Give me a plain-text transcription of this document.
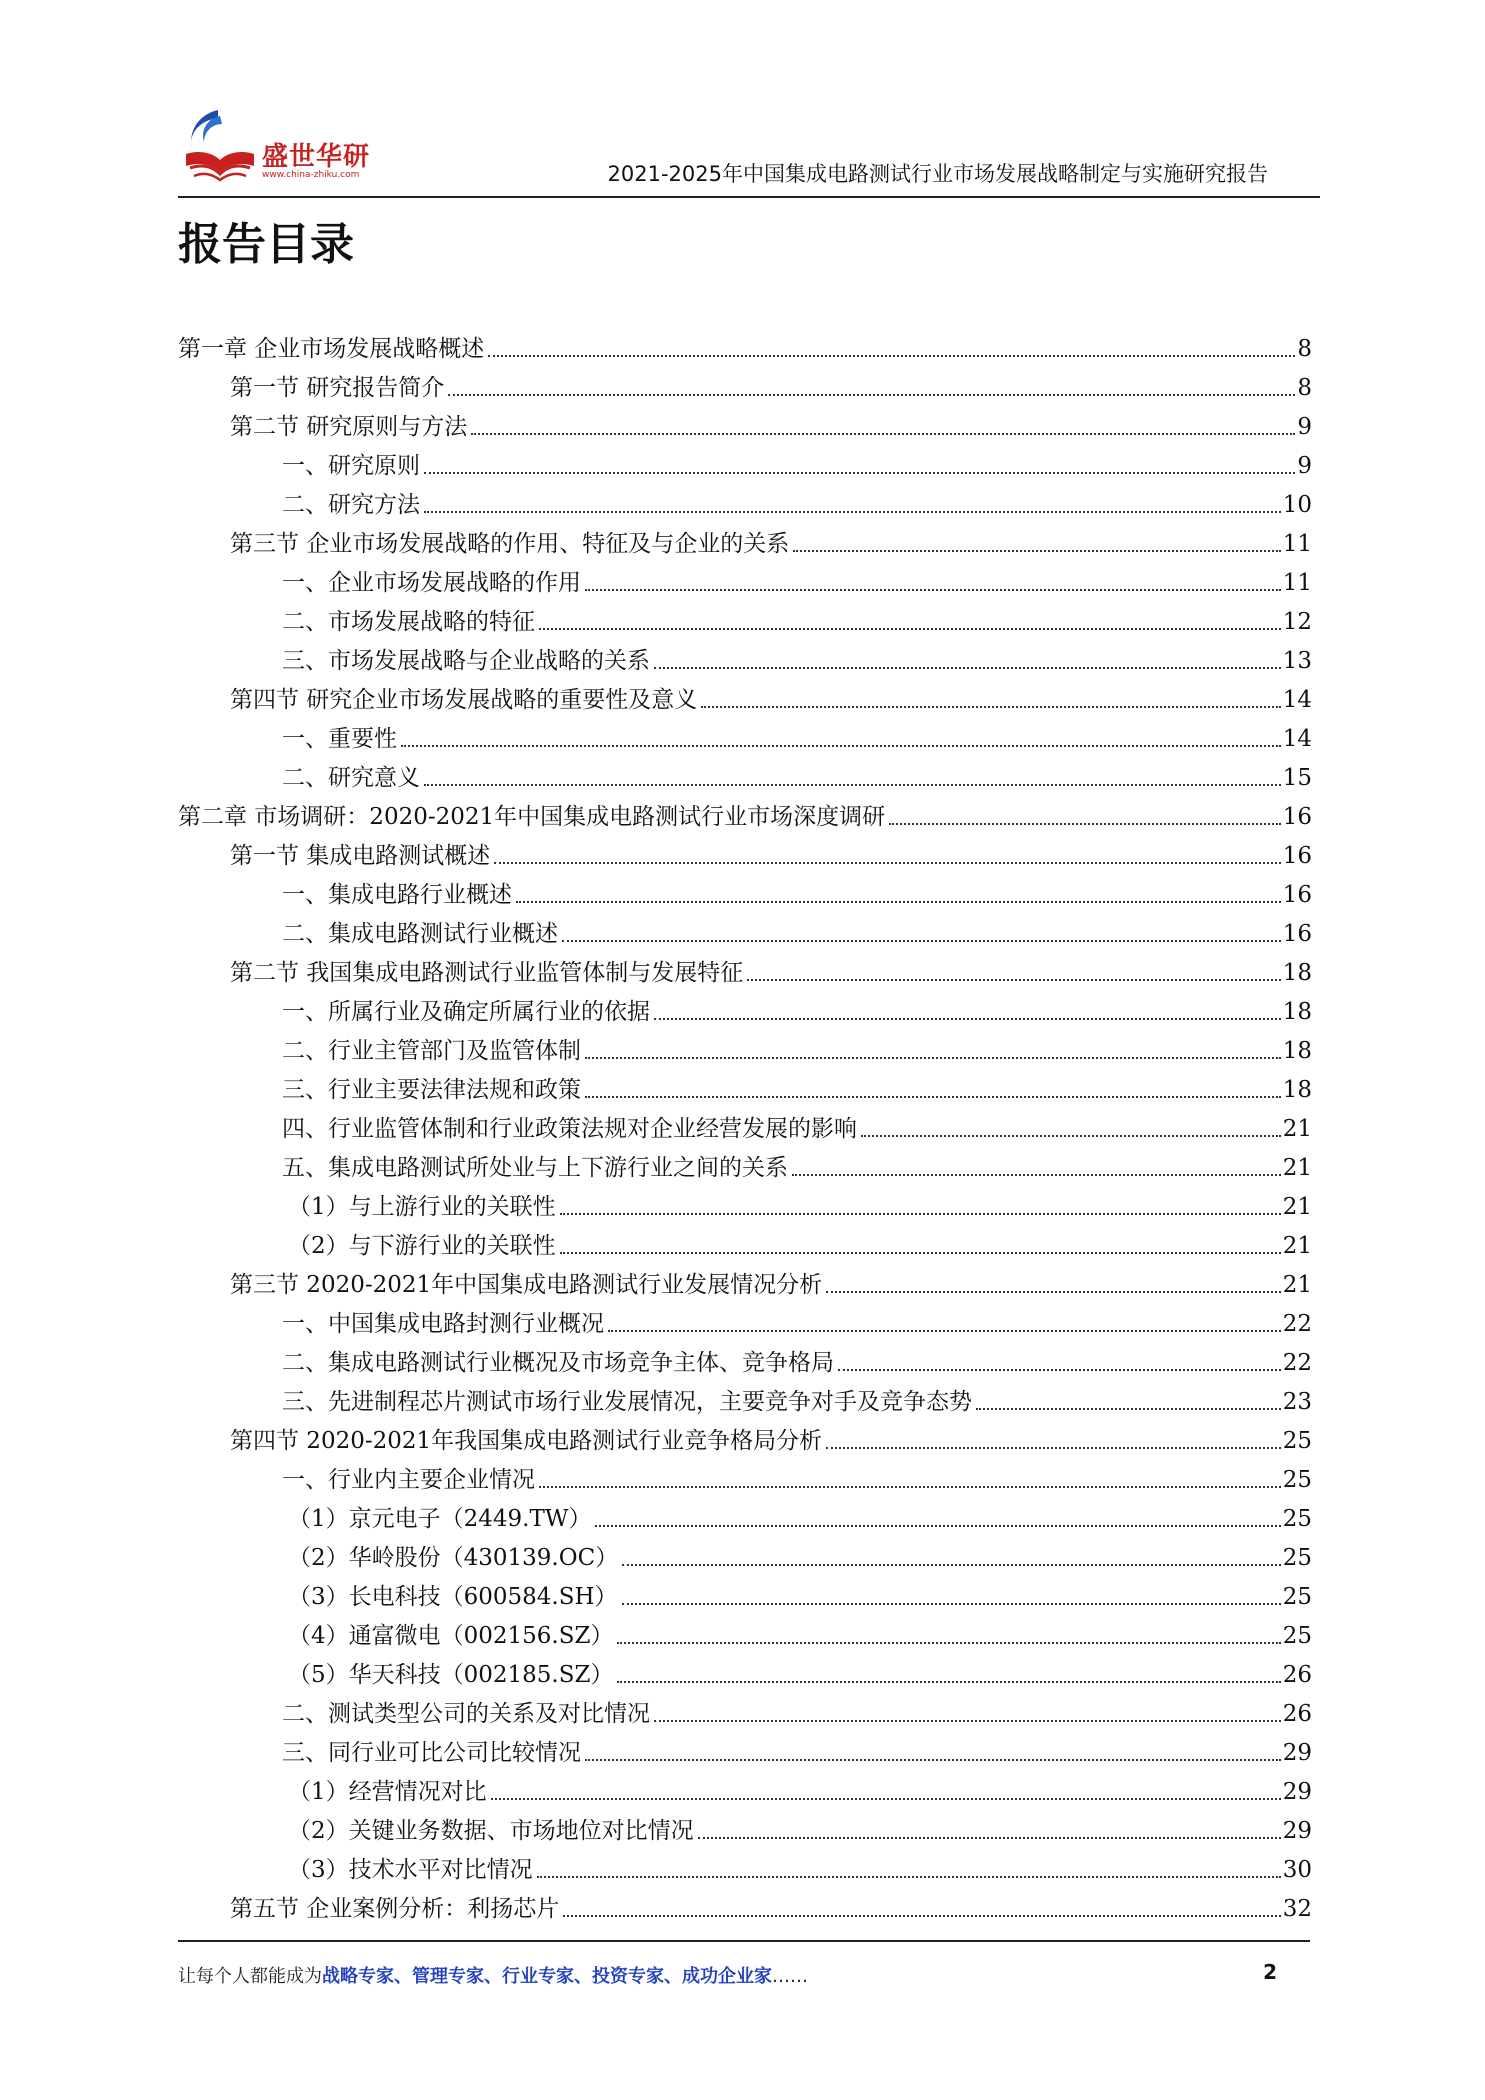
盛世华研
www.china-zhiku.com	2021-2025年中国集成电路测试行业市场发展战略制定与实施研究报告
报告目录
第一章 企业市场发展战略概述	8
第一节 研究报告简介	8
第二节 研究原则与方法	9
一、研究原则	9
二、研究方法	10
第三节 企业市场发展战略的作用、特征及与企业的关系	11
一、企业市场发展战略的作用	11
二、市场发展战略的特征	12
三、市场发展战略与企业战略的关系	13
第四节 研究企业市场发展战略的重要性及意义	14
一、重要性	14
二、研究意义	15
第二章 市场调研：2020-2021年中国集成电路测试行业市场深度调研	16
第一节 集成电路测试概述	16
一、集成电路行业概述	16
二、集成电路测试行业概述	16
第二节 我国集成电路测试行业监管体制与发展特征	18
一、所属行业及确定所属行业的依据	18
二、行业主管部门及监管体制	18
三、行业主要法律法规和政策	18
四、行业监管体制和行业政策法规对企业经营发展的影响	21
五、集成电路测试所处业与上下游行业之间的关系	21
（1）与上游行业的关联性	21
（2）与下游行业的关联性	21
第三节 2020-2021年中国集成电路测试行业发展情况分析	21
一、中国集成电路封测行业概况	22
二、集成电路测试行业概况及市场竞争主体、竞争格局	22
三、先进制程芯片测试市场行业发展情况，主要竞争对手及竞争态势	23
第四节 2020-2021年我国集成电路测试行业竞争格局分析	25
一、行业内主要企业情况	25
（1）京元电子（2449.TW）	25
（2）华岭股份（430139.OC）	25
（3）长电科技（600584.SH）	25
（4）通富微电（002156.SZ）	25
（5）华天科技（002185.SZ）	26
二、测试类型公司的关系及对比情况	26
三、同行业可比公司比较情况	29
（1）经营情况对比	29
（2）关键业务数据、市场地位对比情况	29
（3）技术水平对比情况	30
第五节 企业案例分析：利扬芯片	32
让每个人都能成为战略专家、管理专家、行业专家、投资专家、成功企业家……	2
